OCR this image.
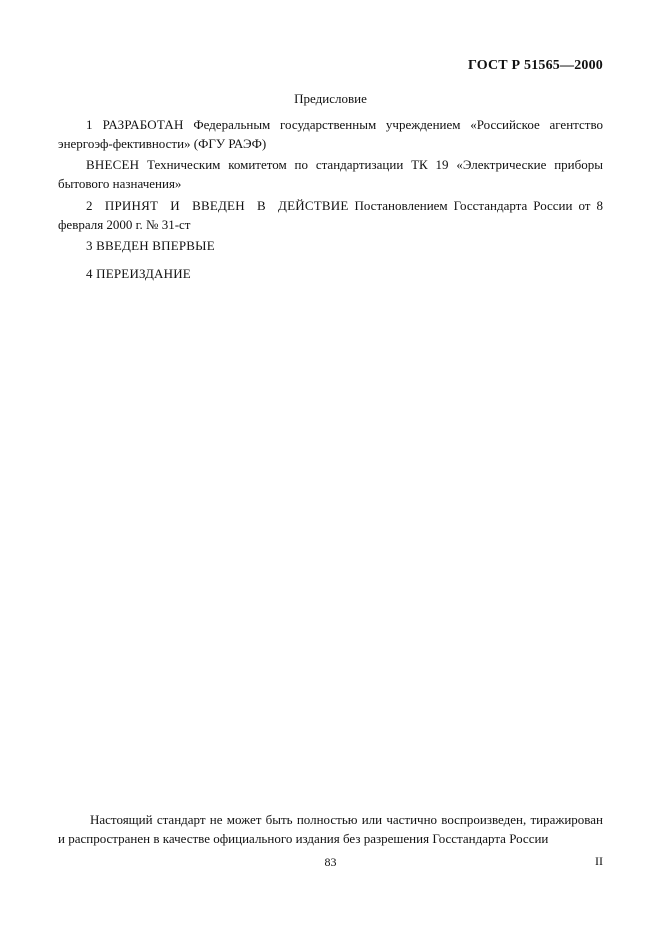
ГОСТ Р 51565—2000
Предисловие
1 РАЗРАБОТАН Федеральным государственным учреждением «Российское агентство энергоэф-фективности» (ФГУ РАЭФ)
ВНЕСЕН Техническим комитетом по стандартизации ТК 19 «Электрические приборы бытового назначения»
2 ПРИНЯТ И ВВЕДЕН В ДЕЙСТВИЕ Постановлением Госстандарта России от 8 февраля 2000 г. № 31-ст
3 ВВЕДЕН ВПЕРВЫЕ
4 ПЕРЕИЗДАНИЕ
Настоящий стандарт не может быть полностью или частично воспроизведен, тиражирован и распространен в качестве официального издания без разрешения Госстандарта России
83	II
